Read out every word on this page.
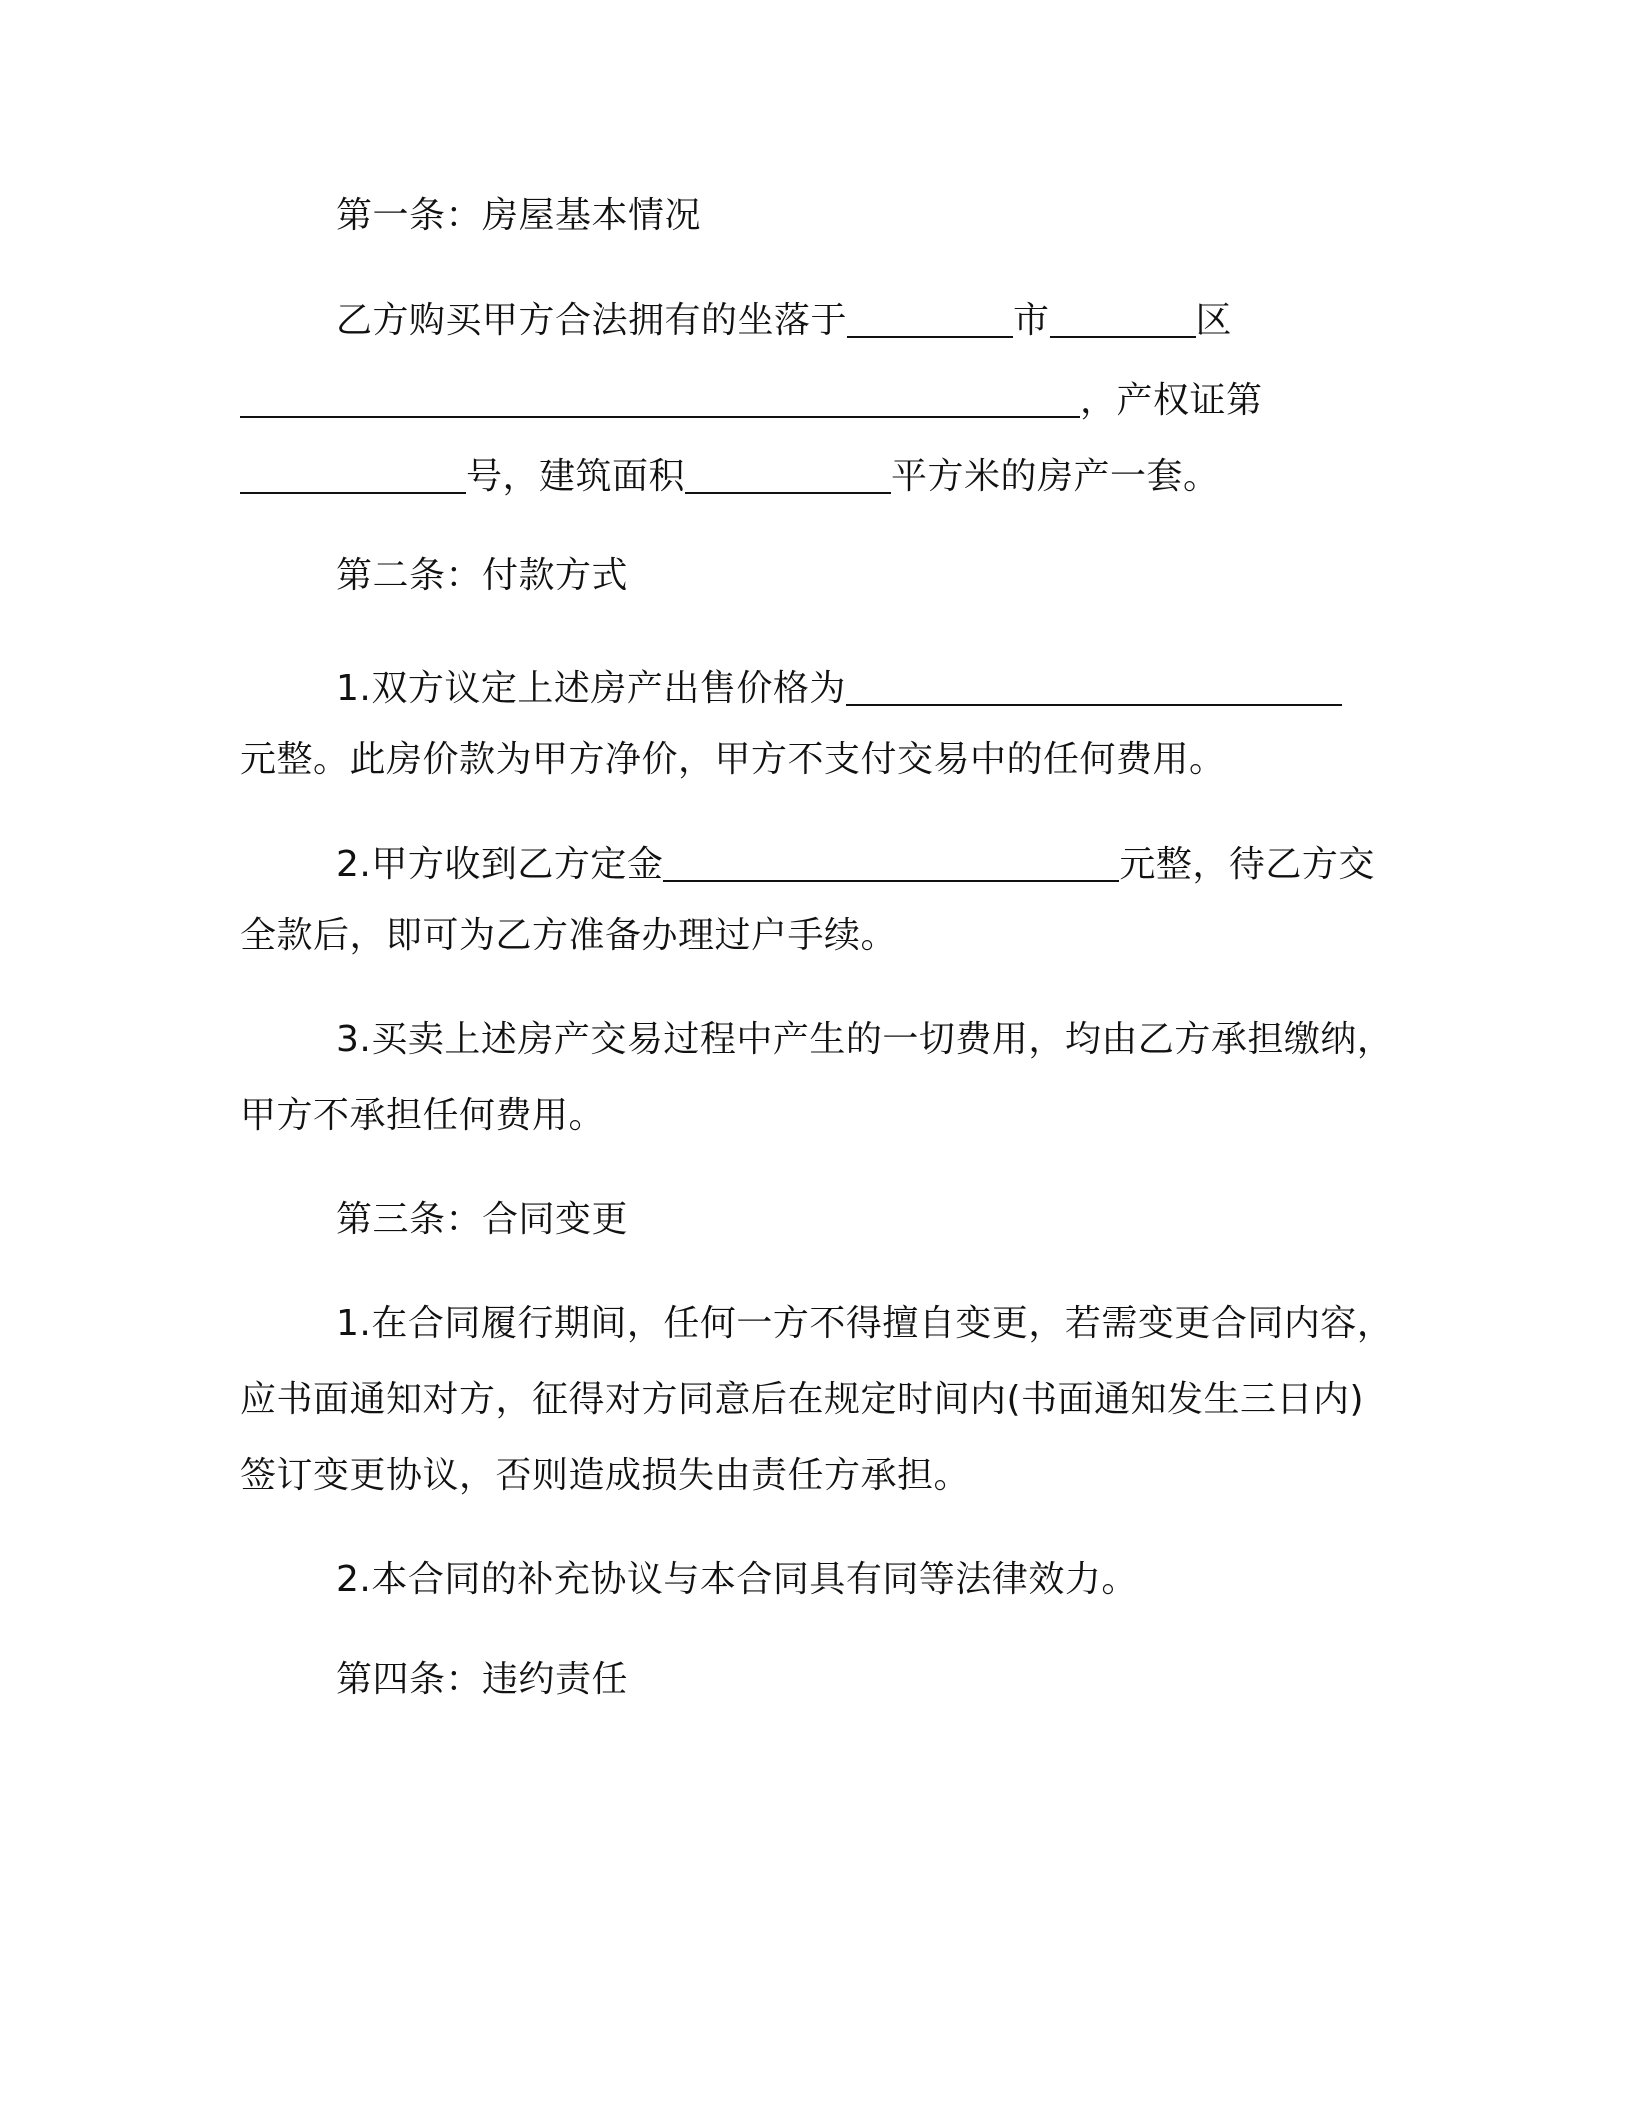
第一条：房屋基本情况
乙方购买甲方合法拥有的坐落于	市	区
，产权证第
号，建筑面积	平方米的房产一套。
第二条：付款方式
1.双方议定上述房产出售价格为
元整。此房价款为甲方净价，甲方不支付交易中的任何费用。
2.甲方收到乙方定金	元整，待乙方交
全款后，即可为乙方准备办理过户手续。
3.买卖上述房产交易过程中产生的一切费用，均由乙方承担缴纳，
甲方不承担任何费用。
第三条：合同变更
1.在合同履行期间，任何一方不得擅自变更，若需变更合同内容，
应书面通知对方，征得对方同意后在规定时间内(书面通知发生三日内)
签订变更协议，否则造成损失由责任方承担。
2.本合同的补充协议与本合同具有同等法律效力。
第四条：违约责任
